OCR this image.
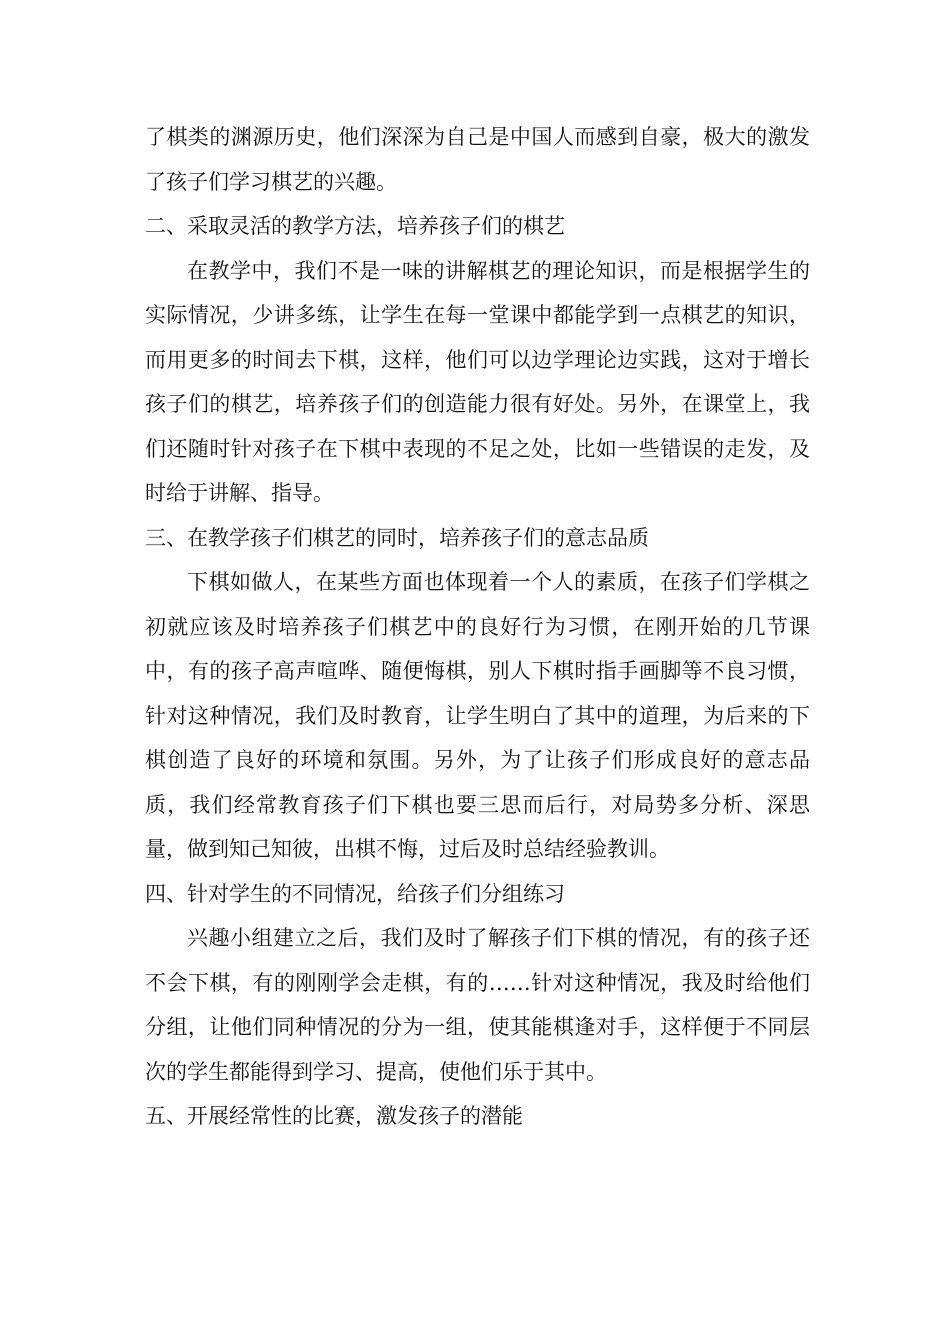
了棋类的渊源历史，他们深深为自己是中国人而感到自豪，极大的激发了孩子们学习棋艺的兴趣。

二、采取灵活的教学方法，培养孩子们的棋艺

在教学中，我们不是一味的讲解棋艺的理论知识，而是根据学生的实际情况，少讲多练，让学生在每一堂课中都能学到一点棋艺的知识，而用更多的时间去下棋，这样，他们可以边学理论边实践，这对于增长孩子们的棋艺，培养孩子们的创造能力很有好处。另外，在课堂上，我们还随时针对孩子在下棋中表现的不足之处，比如一些错误的走发，及时给于讲解、指导。

三、在教学孩子们棋艺的同时，培养孩子们的意志品质

下棋如做人，在某些方面也体现着一个人的素质，在孩子们学棋之初就应该及时培养孩子们棋艺中的良好行为习惯，在刚开始的几节课中，有的孩子高声喧哗、随便悔棋，别人下棋时指手画脚等不良习惯，针对这种情况，我们及时教育，让学生明白了其中的道理，为后来的下棋创造了良好的环境和氛围。另外，为了让孩子们形成良好的意志品质，我们经常教育孩子们下棋也要三思而后行，对局势多分析、深思量，做到知己知彼，出棋不悔，过后及时总结经验教训。

四、针对学生的不同情况，给孩子们分组练习

兴趣小组建立之后，我们及时了解孩子们下棋的情况，有的孩子还不会下棋，有的刚刚学会走棋，有的……针对这种情况，我及时给他们分组，让他们同种情况的分为一组，使其能棋逢对手，这样便于不同层次的学生都能得到学习、提高，使他们乐于其中。

五、开展经常性的比赛，激发孩子的潜能
